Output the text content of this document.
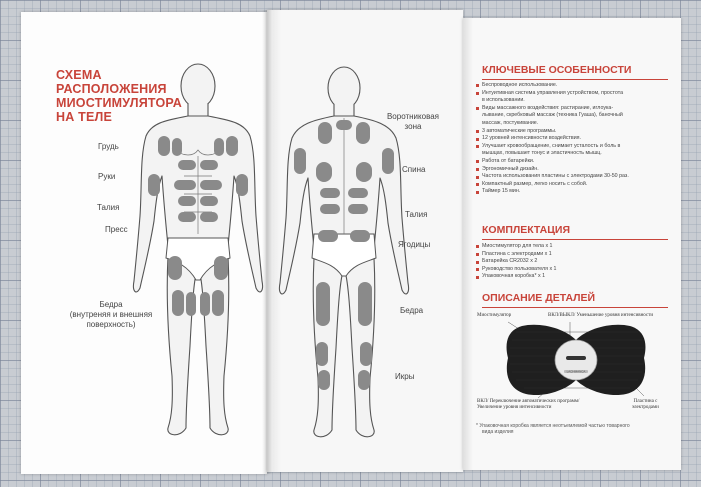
СХЕМА
РАСПОЛОЖЕНИЯ
МИОСТИМУЛЯТОРА
НА ТЕЛЕ
Грудь
Руки
Талия
Пресс
Бедра
(внутреняя и внешняя
поверхность)
Воротниковая
зона
Спина
Талия
Ягодицы
Бедра
Икры
КЛЮЧЕВЫЕ ОСОБЕННОСТИ
Беспроводное использование.
Интуитивная система управления устройством, простота
в использовании.
Виды массажного воздействия: растирание, иглоука-
лывание, скребковый массаж (техника Гуаша), баночный
массаж, постукивание.
3 автоматические программы.
12 уровней интенсивности воздействия.
Улучшает кровообращение, снимает усталость и боль в
мышцах, повышает тонус и эластичность мышц.
Работа от батарейки.
Эргономичный дизайн.
Частота использования пластины с электродами 30-50 раз.
Компактный размер, легко носить с собой.
Таймер 15 мин.
КОМПЛЕКТАЦИЯ
Миостимулятор для тела х 1
Пластина с электродами х 1
Батарейка CR2032 х 2
Руководство пользователя х 1
Упаковочная коробка* х 1
ОПИСАНИЕ ДЕТАЛЕЙ
Миостимулятор	ВКЛ/ВЫКЛ/ Уменьшение уровня интенсивности
ВКЛ/ Переключение автоматических программ/
Увеличение уровня интенсивности
Пластина с
электродами
LACHMANCA
* Упаковочная коробка является неотъемлемой частью товарного
вида изделия
